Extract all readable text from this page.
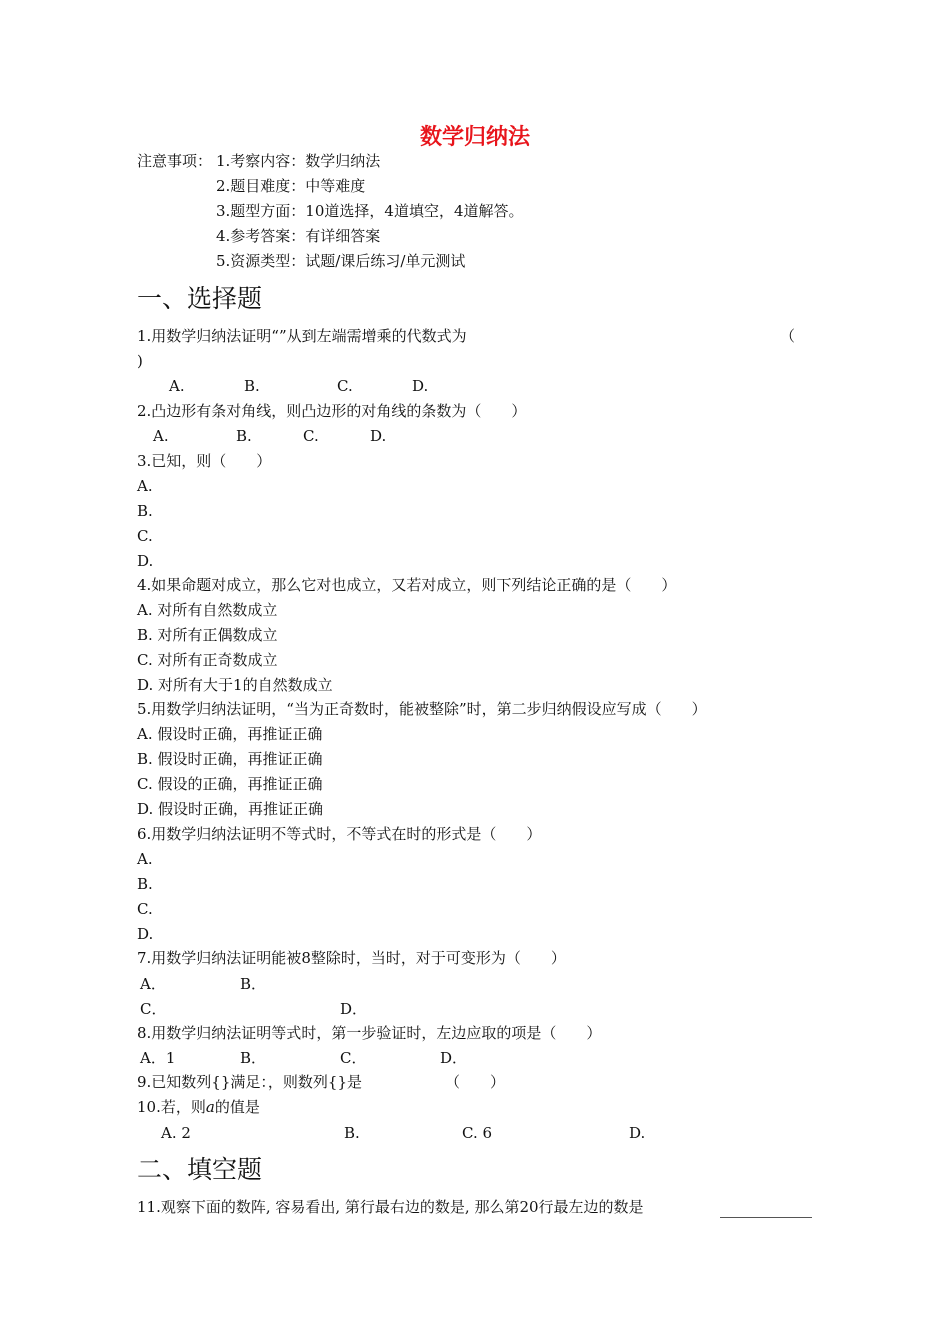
数学归纳法
注意事项： 1.考察内容：数学归纳法
2.题目难度：中等难度
3.题型方面：10道选择，4道填空，4道解答。
4.参考答案：有详细答案
5.资源类型：试题/课后练习/单元测试
一、选择题
1.用数学归纳法证明“”从到左端需增乘的代数式为	（
)
A.	B.	C.	D.
2.凸边形有条对角线，则凸边形的对角线的条数为（　　）
A.	B.	C.	D.
3.已知，则（　　）
A.
B.
C.
D.
4.如果命题对成立，那么它对也成立，又若对成立，则下列结论正确的是（　　）
A. 对所有自然数成立
B. 对所有正偶数成立
C. 对所有正奇数成立
D. 对所有大于1的自然数成立
5.用数学归纳法证明，“当为正奇数时，能被整除”时，第二步归纳假设应写成（　　）
A. 假设时正确，再推证正确
B. 假设时正确，再推证正确
C. 假设的正确，再推证正确
D. 假设时正确，再推证正确
6.用数学归纳法证明不等式时，不等式在时的形式是（　　）
A.
B.
C.
D.
7.用数学归纳法证明能被8整除时，当时，对于可变形为（　　）
A．	B．
C．	D．
8.用数学归纳法证明等式时，第一步验证时，左边应取的项是（　　）
A．1	B．	C．	D．
9.已知数列{}满足：，则数列{}是	（　　）
10.若，则a的值是
A. 2	B.	C. 6	D.
二、填空题
11.观察下面的数阵, 容易看出, 第行最右边的数是, 那么第20行最左边的数是
